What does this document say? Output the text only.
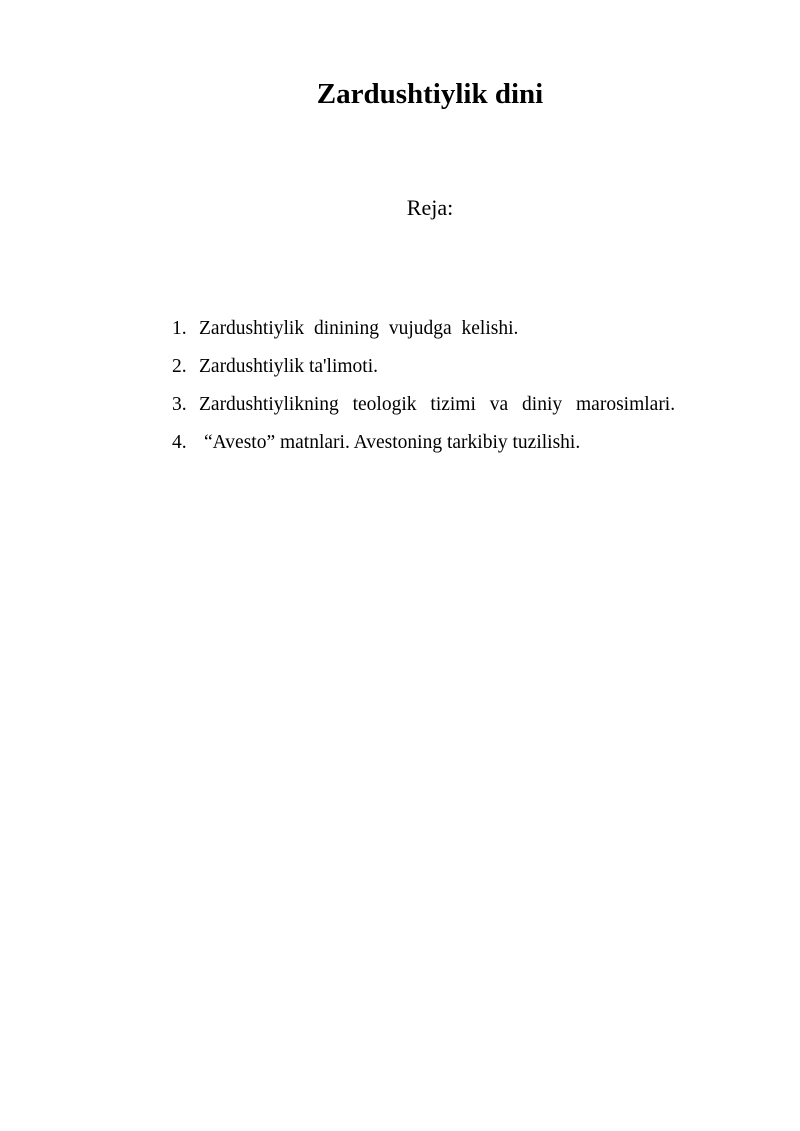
Zardushtiylik dini
Reja:
1. Zardushtiylik dinining vujudga kelishi.
2. Zardushtiylik ta'limoti.
3. Zardushtiylikning teologik tizimi va diniy marosimlari.
4. “Avesto” matnlari. Avestoning tarkibiy tuzilishi.
